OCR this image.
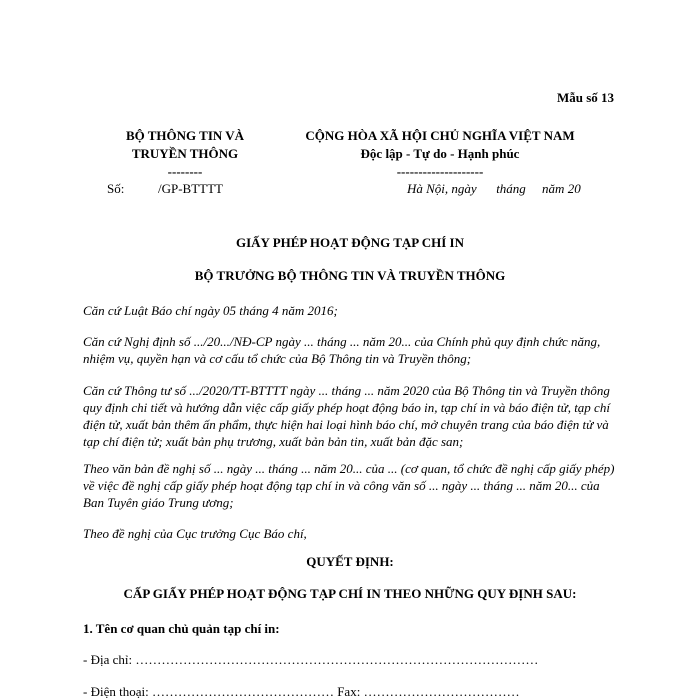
Mẫu số 13
BỘ THÔNG TIN VÀ
TRUYỀN THÔNG
--------
CỘNG HÒA XÃ HỘI CHỦ NGHĨA VIỆT NAM
Độc lập - Tự do - Hạnh phúc
--------------------
Số:	/GP-BTTTT	Hà Nội, ngày      tháng     năm 20
GIẤY PHÉP HOẠT ĐỘNG TẠP CHÍ IN
BỘ TRƯỞNG BỘ THÔNG TIN VÀ TRUYỀN THÔNG
Căn cứ Luật Báo chí ngày 05 tháng 4 năm 2016;
Căn cứ Nghị định số .../20.../NĐ-CP ngày ... tháng ... năm 20... của Chính phủ quy định chức năng, nhiệm vụ, quyền hạn và cơ cấu tổ chức của Bộ Thông tin và Truyền thông;
Căn cứ Thông tư số .../2020/TT-BTTTT ngày ... tháng ... năm 2020 của Bộ Thông tin và Truyền thông quy định chi tiết và hướng dẫn việc cấp giấy phép hoạt động báo in, tạp chí in và báo điện tử, tạp chí điện tử, xuất bản thêm ấn phẩm, thực hiện hai loại hình báo chí, mở chuyên trang của báo điện tử và tạp chí điện tử; xuất bản phụ trương, xuất bản bản tin, xuất bản đặc san;
Theo văn bản đề nghị số ... ngày ... tháng ... năm 20... của ... (cơ quan, tổ chức đề nghị cấp giấy phép) về việc đề nghị cấp giấy phép hoạt động tạp chí in và công văn số ... ngày ... tháng ... năm 20... của Ban Tuyên giáo Trung ương;
Theo đề nghị của Cục trưởng Cục Báo chí,
QUYẾT ĐỊNH:
CẤP GIẤY PHÉP HOẠT ĐỘNG TẠP CHÍ IN THEO NHỮNG QUY ĐỊNH SAU:
1. Tên cơ quan chủ quản tạp chí in:
- Địa chỉ: …………………………………………………………………………………
- Điện thoại: …………………………………… Fax: ………………………………
